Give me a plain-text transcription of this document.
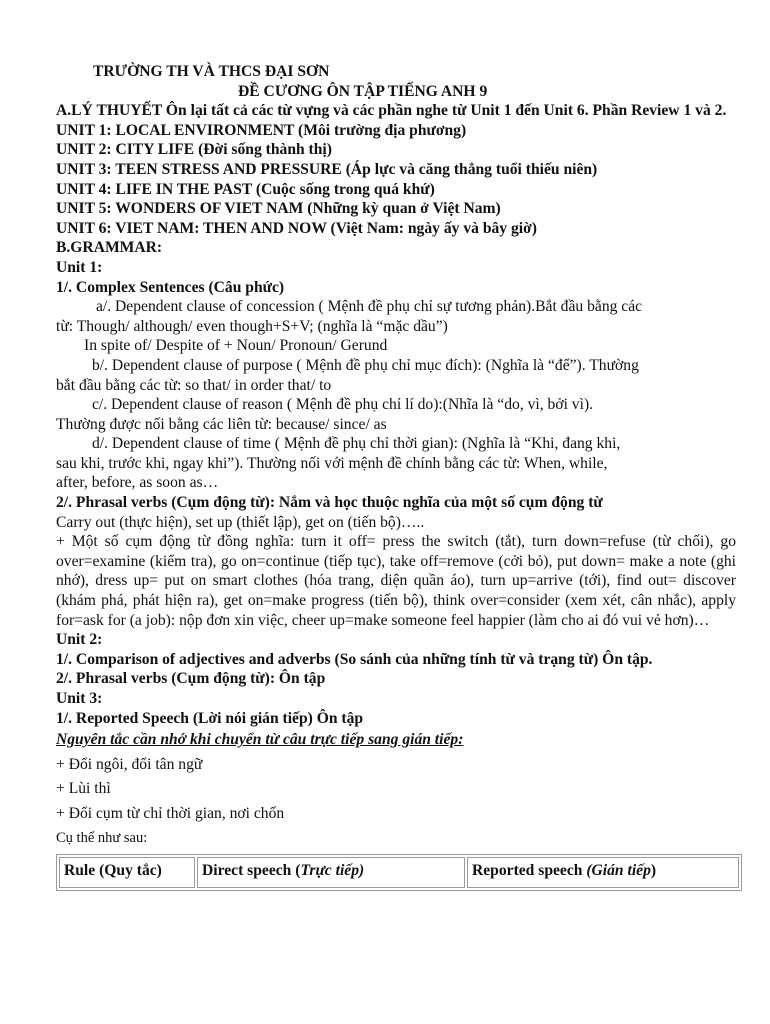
TRƯỜNG TH VÀ THCS ĐẠI SƠN
ĐỀ CƯƠNG ÔN TẬP TIẾNG ANH 9
A.LÝ THUYẾT Ôn lại tất cả các từ vựng và các phần nghe từ Unit 1 đến Unit 6. Phần Review 1 và 2.
UNIT 1: LOCAL ENVIRONMENT (Môi trường địa phương)
UNIT 2: CITY LIFE (Đời sống thành thị)
UNIT 3: TEEN STRESS AND PRESSURE (Áp lực và căng thẳng tuổi thiếu niên)
UNIT 4: LIFE IN THE PAST (Cuộc sống trong quá khứ)
UNIT 5: WONDERS OF VIET NAM (Những kỳ quan ở Việt Nam)
UNIT 6: VIET NAM: THEN AND NOW (Việt Nam: ngày ấy và bây giờ)
B.GRAMMAR:
Unit 1:
1/. Complex Sentences (Câu phức)
a/. Dependent clause of concession ( Mệnh đề phụ chỉ sự tương phản).Bắt đầu bằng các
từ: Though/ although/ even though+S+V; (nghĩa là “mặc dầu”)
In spite of/ Despite of + Noun/ Pronoun/ Gerund
b/. Dependent clause of purpose ( Mệnh đề phụ chỉ mục đích): (Nghĩa là “để”). Thường
bắt đầu bằng các từ: so that/ in order that/ to
c/. Dependent clause of reason ( Mệnh đề phụ chỉ lí do):(Nhĩa là “do, vì, bởi vì).
Thường được nối bằng các liên từ: because/ since/ as
d/. Dependent clause of time ( Mệnh đề phụ chỉ thời gian): (Nghĩa là “Khi, đang khi,
sau khi, trước khi, ngay khi”). Thường nối với mệnh đề chính bằng các từ: When, while,
after, before, as soon as…
2/. Phrasal verbs (Cụm động từ): Nắm và học thuộc nghĩa của một số cụm động từ
Carry out (thực hiện), set up (thiết lập), get on (tiến bộ)…..
+ Một số cụm động từ đồng nghĩa: turn it off= press the switch (tắt), turn down=refuse (từ chối), go over=examine (kiểm tra), go on=continue (tiếp tục), take off=remove (cởi bỏ), put down= make a note (ghi nhớ), dress up= put on smart clothes (hóa trang, diện quần áo), turn up=arrive (tới), find out= discover (khám phá, phát hiện ra), get on=make progress (tiến bộ), think over=consider (xem xét, cân nhắc), apply for=ask for (a job): nộp đơn xin việc, cheer up=make someone feel happier (làm cho ai đó vui vẻ hơn)…
Unit 2:
1/. Comparison of adjectives and adverbs (So sánh của những tính từ và trạng từ) Ôn tập.
2/. Phrasal verbs (Cụm động từ): Ôn tập
Unit 3:
1/. Reported Speech (Lời nói gián tiếp) Ôn tập
Nguyên tắc cần nhớ khi chuyển từ câu trực tiếp sang gián tiếp:
+ Đổi ngôi, đổi tân ngữ
+ Lùi thì
+ Đổi cụm từ chỉ thời gian, nơi chốn
Cụ thể như sau:
Rule (Quy tắc)	Direct speech (Trực tiếp)	Reported speech (Gián tiếp)
